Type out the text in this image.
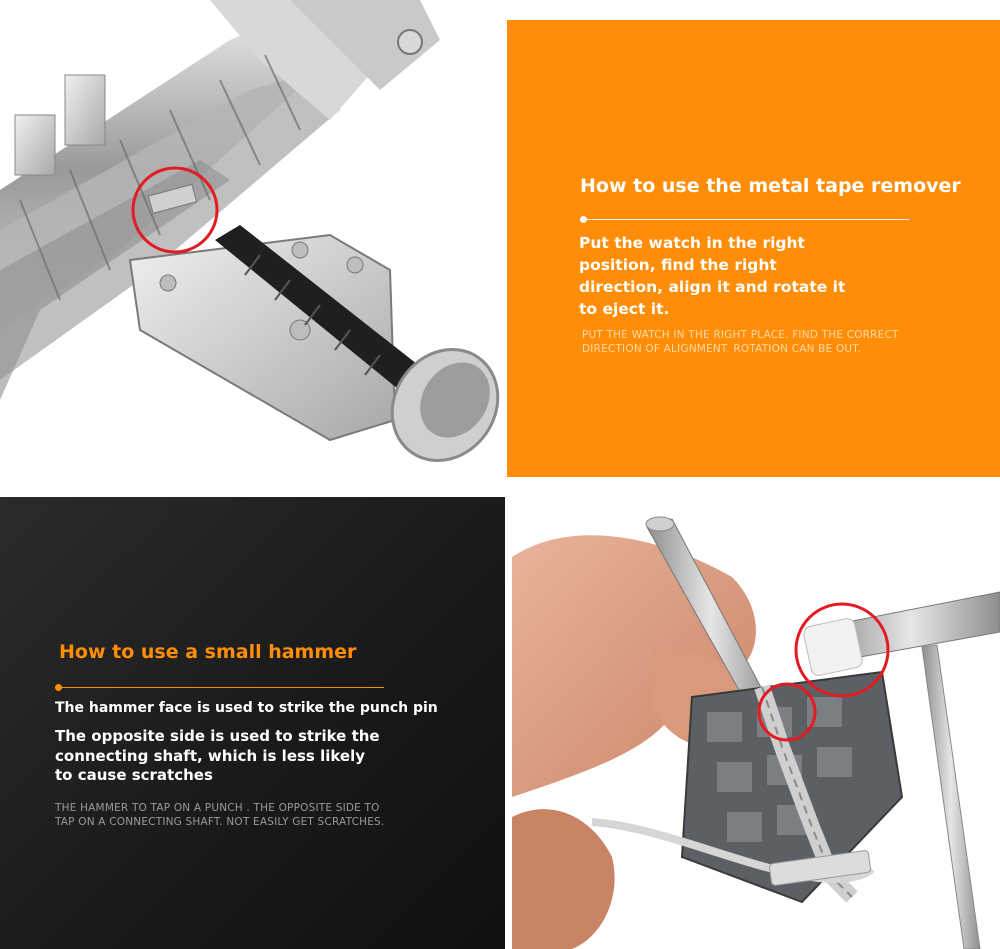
How to use the metal tape remover
Put the watch in the right position, find the right direction, align it and rotate it to eject it.
PUT THE WATCH IN THE RIGHT PLACE. FIND THE CORRECT DIRECTION OF ALIGNMENT. ROTATION CAN BE OUT.
How to use a small hammer
The hammer face is used to strike the punch pin
The opposite side is used to strike the connecting shaft, which is less likely to cause scratches
THE HAMMER TO TAP ON A PUNCH . THE OPPOSITE SIDE TO TAP ON A CONNECTING SHAFT. NOT EASILY GET SCRATCHES.
